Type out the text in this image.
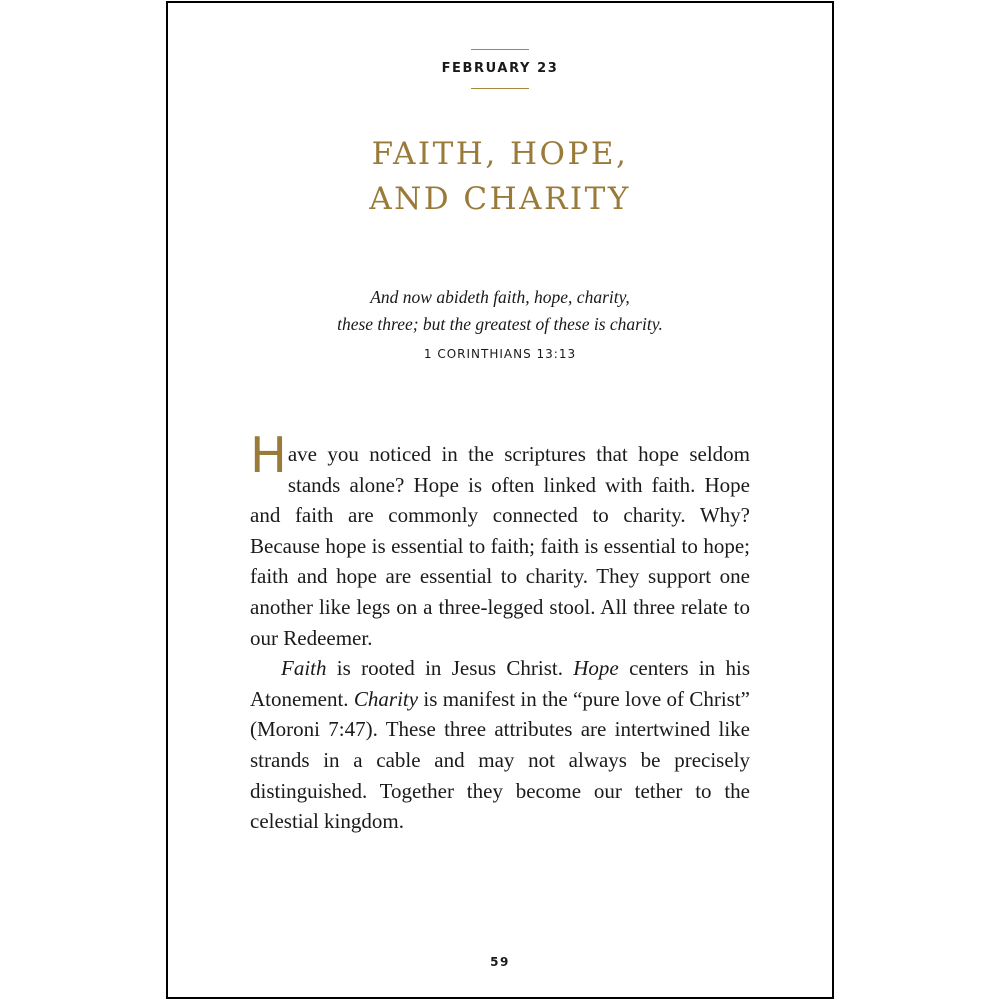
FEBRUARY 23
FAITH, HOPE,
AND CHARITY
And now abideth faith, hope, charity,
these three; but the greatest of these is charity.
1 CORINTHIANS 13:13

Have you noticed in the scriptures that hope seldom stands alone? Hope is often linked with faith. Hope and faith are commonly connected to charity. Why? Because hope is essential to faith; faith is essential to hope; faith and hope are essential to charity. They support one another like legs on a three-legged stool. All three relate to our Redeemer.

Faith is rooted in Jesus Christ. Hope centers in his Atonement. Charity is manifest in the “pure love of Christ” (Moroni 7:47). These three attributes are intertwined like strands in a cable and may not always be precisely distinguished. Together they become our tether to the celestial kingdom.

59
